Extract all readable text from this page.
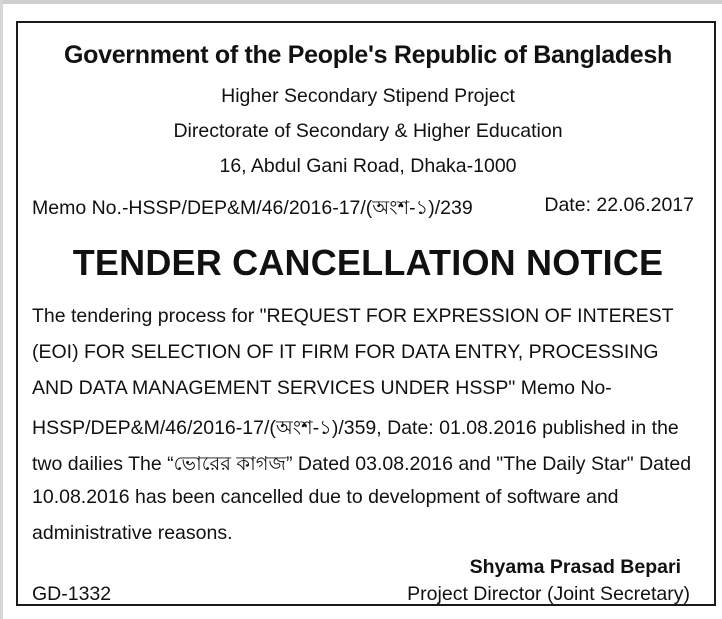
Government of the People's Republic of Bangladesh
Higher Secondary Stipend Project
Directorate of Secondary & Higher Education
16, Abdul Gani Road, Dhaka-1000
Memo No.-HSSP/DEP&M/46/2016-17/(অংশ-১)/239	Date: 22.06.2017
TENDER CANCELLATION NOTICE
The tendering process for "REQUEST FOR EXPRESSION OF INTEREST
(EOI) FOR SELECTION OF IT FIRM FOR DATA ENTRY, PROCESSING
AND DATA MANAGEMENT SERVICES UNDER HSSP" Memo No-
HSSP/DEP&M/46/2016-17/(অংশ-১)/359, Date: 01.08.2016 published in the
two dailies The “ভোরের কাগজ” Dated 03.08.2016 and "The Daily Star" Dated
10.08.2016 has been cancelled due to development of software and
administrative reasons.
Shyama Prasad Bepari
GD-1332	Project Director (Joint Secretary)
